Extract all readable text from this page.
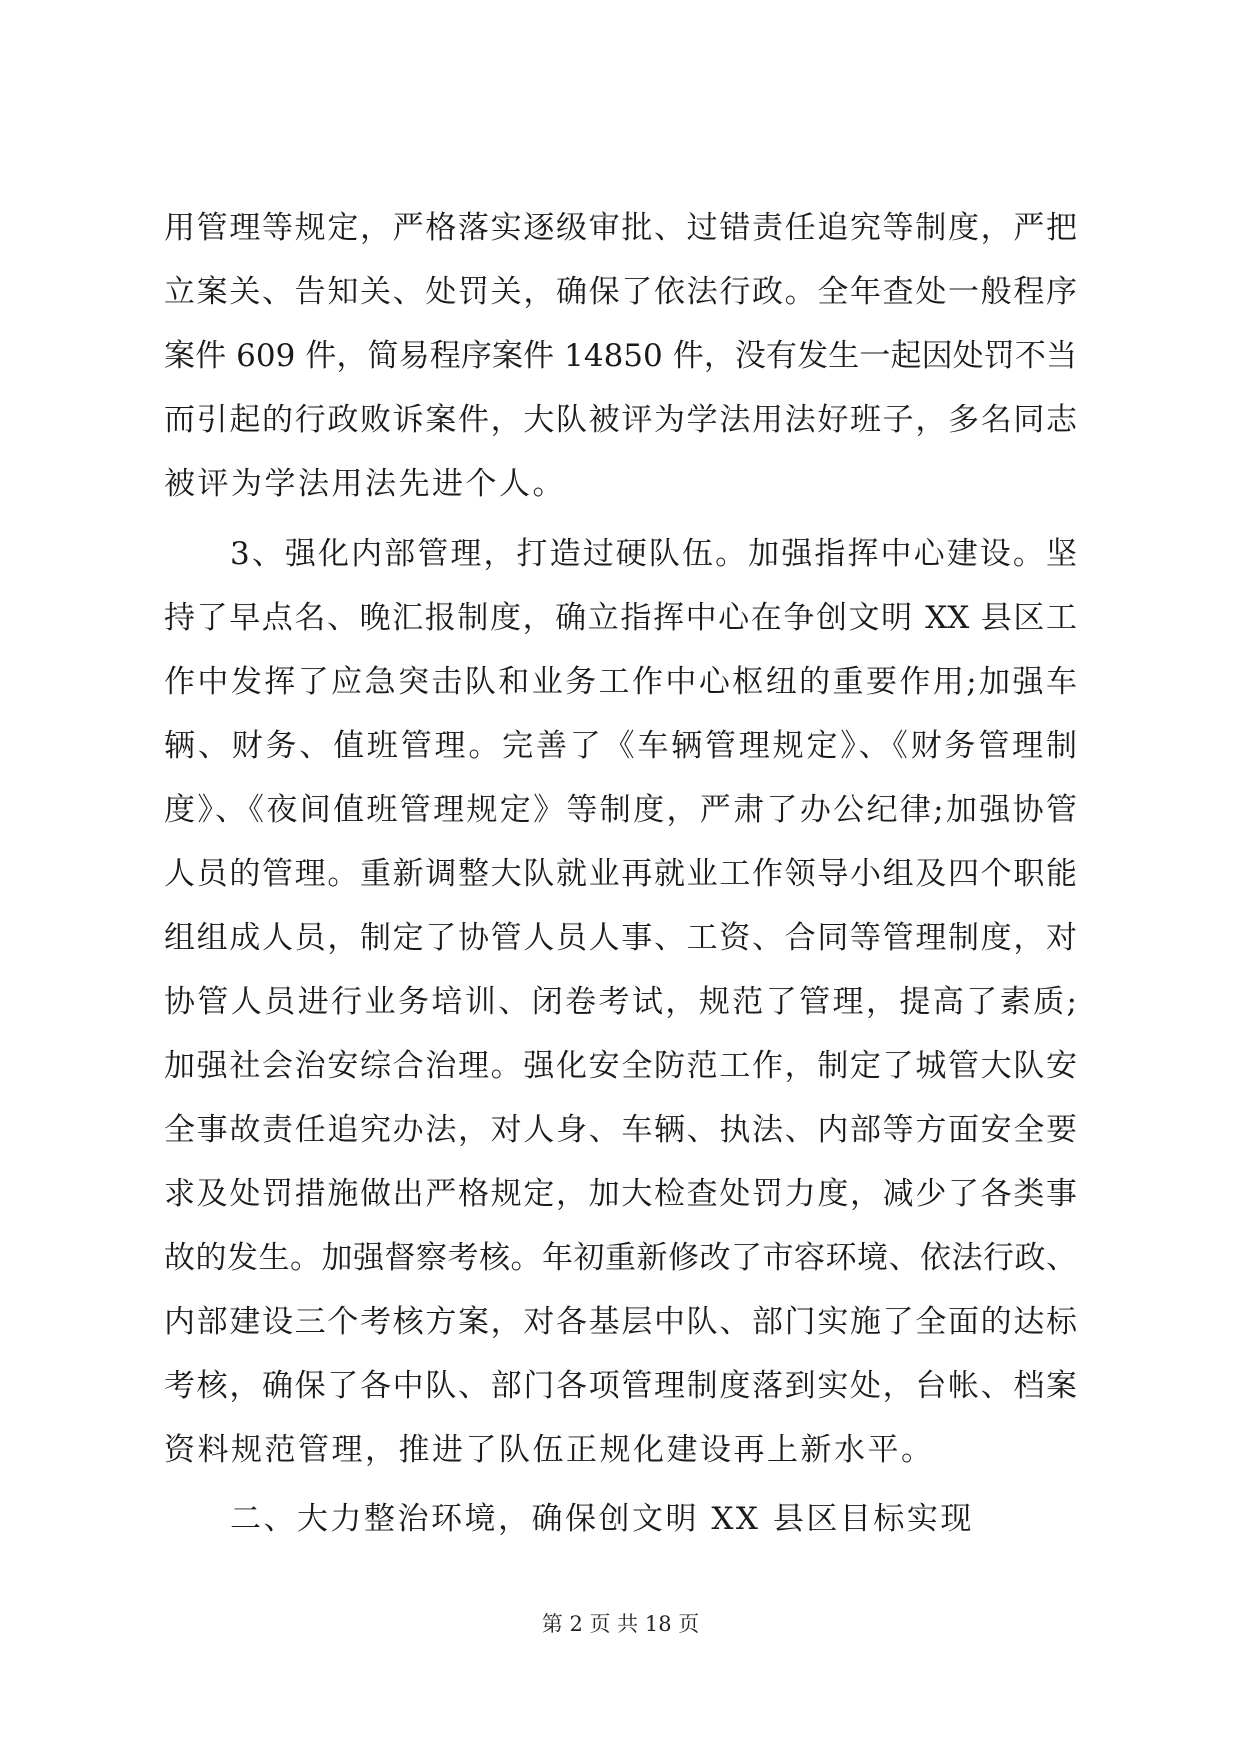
用管理等规定，严格落实逐级审批、过错责任追究等制度，严把
立案关、告知关、处罚关，确保了依法行政。全年查处一般程序
案件 609 件，简易程序案件 14850 件，没有发生一起因处罚不当
而引起的行政败诉案件，大队被评为学法用法好班子，多名同志
被评为学法用法先进个人。
3、强化内部管理，打造过硬队伍。加强指挥中心建设。坚
持了早点名、晚汇报制度，确立指挥中心在争创文明 XX 县区工
作中发挥了应急突击队和业务工作中心枢纽的重要作用;加强车
辆、财务、值班管理。完善了《车辆管理规定》、《财务管理制
度》、《夜间值班管理规定》等制度，严肃了办公纪律;加强协管
人员的管理。重新调整大队就业再就业工作领导小组及四个职能
组组成人员，制定了协管人员人事、工资、合同等管理制度，对
协管人员进行业务培训、闭卷考试，规范了管理，提高了素质;
加强社会治安综合治理。强化安全防范工作，制定了城管大队安
全事故责任追究办法，对人身、车辆、执法、内部等方面安全要
求及处罚措施做出严格规定，加大检查处罚力度，减少了各类事
故的发生。加强督察考核。年初重新修改了市容环境、依法行政、
内部建设三个考核方案，对各基层中队、部门实施了全面的达标
考核，确保了各中队、部门各项管理制度落到实处，台帐、档案
资料规范管理，推进了队伍正规化建设再上新水平。
二、大力整治环境，确保创文明 XX 县区目标实现
第 2 页 共 18 页
